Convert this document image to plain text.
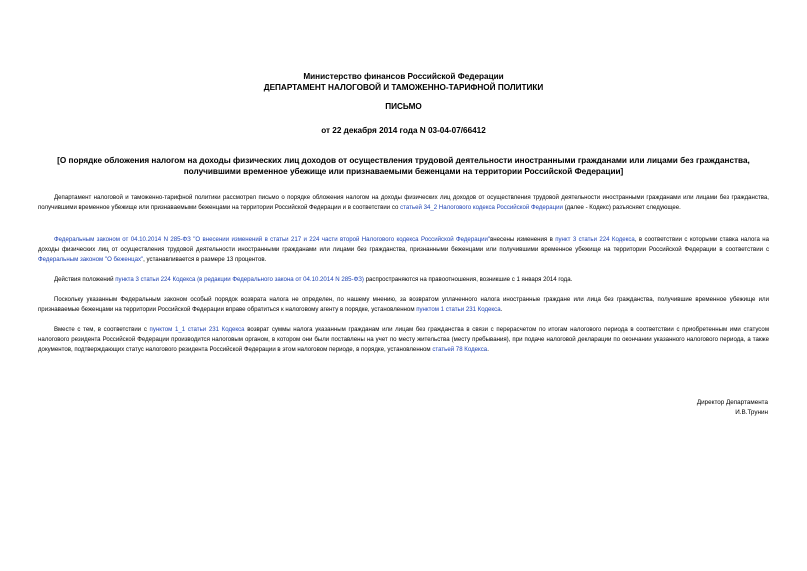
Министерство финансов Российской Федерации
ДЕПАРТАМЕНТ НАЛОГОВОЙ И ТАМОЖЕННО-ТАРИФНОЙ ПОЛИТИКИ
ПИСЬМО
от 22 декабря 2014 года N 03-04-07/66412
[О порядке обложения налогом на доходы физических лиц доходов от осуществления трудовой деятельности иностранными гражданами или лицами без гражданства, получившими временное убежище или признаваемыми беженцами на территории Российской Федерации]
Департамент налоговой и таможенно-тарифной политики рассмотрел письмо о порядке обложения налогом на доходы физических лиц доходов от осуществления трудовой деятельности иностранными гражданами или лицами без гражданства, получившими временное убежище или признаваемыми беженцами на территории Российской Федерации и в соответствии со статьей 34_2 Налогового кодекса Российской Федерации (далее - Кодекс) разъясняет следующее.
Федеральным законом от 04.10.2014 N 285-ФЗ "О внесении изменений в статьи 217 и 224 части второй Налогового кодекса Российской Федерации"внесены изменения в пункт 3 статьи 224 Кодекса, в соответствии с которыми ставка налога на доходы физических лиц от осуществления трудовой деятельности иностранными гражданами или лицами без гражданства, признанными беженцами или получившими временное убежище на территории Российской Федерации в соответствии с Федеральным законом "О беженцах", устанавливается в размере 13 процентов.
Действия положений пункта 3 статьи 224 Кодекса (в редакции Федерального закона от 04.10.2014 N 285-ФЗ) распространяются на правоотношения, возникшие с 1 января 2014 года.
Поскольку указанным Федеральным законом особый порядок возврата налога не определен, по нашему мнению, за возвратом уплаченного налога иностранные граждане или лица без гражданства, получившие временное убежище или признаваемые беженцами на территории Российской Федерации вправе обратиться к налоговому агенту в порядке, установленном пунктом 1 статьи 231 Кодекса.
Вместе с тем, в соответствии с пунктом 1_1 статьи 231 Кодекса возврат суммы налога указанным гражданам или лицам без гражданства в связи с перерасчетом по итогам налогового периода в соответствии с приобретенным ими статусом налогового резидента Российской Федерации производится налоговым органом, в котором они были поставлены на учет по месту жительства (месту пребывания), при подаче налоговой декларации по окончании указанного налогового периода, а также документов, подтверждающих статус налогового резидента Российской Федерации в этом налоговом периоде, в порядке, установленном статьей 78 Кодекса.
Директор Департамента
И.В.Трунин
